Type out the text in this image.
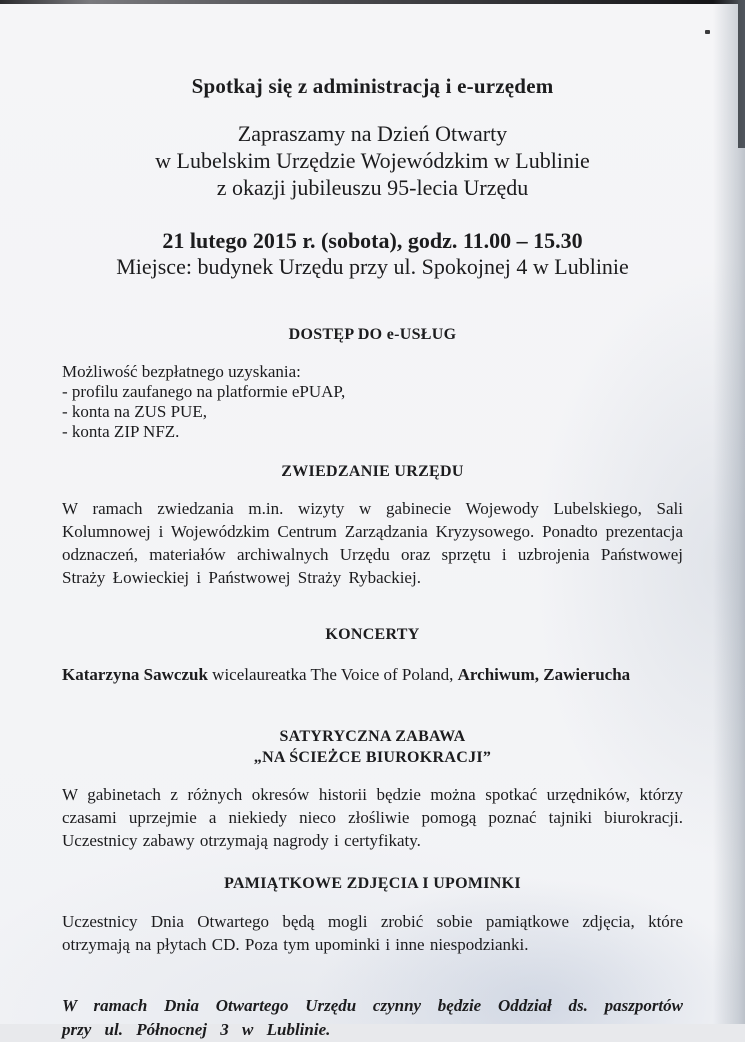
Spotkaj się z administracją i e-urzędem
Zapraszamy na Dzień Otwarty
w Lubelskim Urzędzie Wojewódzkim w Lublinie
z okazji jubileuszu 95-lecia Urzędu
21 lutego 2015 r. (sobota), godz. 11.00 – 15.30
Miejsce: budynek Urzędu przy ul. Spokojnej 4 w Lublinie
DOSTĘP DO e-USŁUG
Możliwość bezpłatnego uzyskania:
- profilu zaufanego na platformie ePUAP,
- konta na ZUS PUE,
- konta ZIP NFZ.
ZWIEDZANIE URZĘDU
W ramach zwiedzania m.in. wizyty w gabinecie Wojewody Lubelskiego, Sali Kolumnowej i Wojewódzkim Centrum Zarządzania Kryzysowego. Ponadto prezentacja odznaczeń, materiałów archiwalnych Urzędu oraz sprzętu i uzbrojenia Państwowej Straży Łowieckiej i Państwowej Straży Rybackiej.
KONCERTY
Katarzyna Sawczuk wicelaureatka The Voice of Poland, Archiwum, Zawierucha
SATYRYCZNA ZABAWA
„NA ŚCIEŻCE BIUROKRACJI”
W gabinetach z różnych okresów historii będzie można spotkać urzędników, którzy czasami uprzejmie a niekiedy nieco złośliwie pomogą poznać tajniki biurokracji. Uczestnicy zabawy otrzymają nagrody i certyfikaty.
PAMIĄTKOWE ZDJĘCIA I UPOMINKI
Uczestnicy Dnia Otwartego będą mogli zrobić sobie pamiątkowe zdjęcia, które otrzymają na płytach CD. Poza tym upominki i inne niespodzianki.
W ramach Dnia Otwartego Urzędu czynny będzie Oddział ds. paszportów przy ul. Północnej 3 w Lublinie.
